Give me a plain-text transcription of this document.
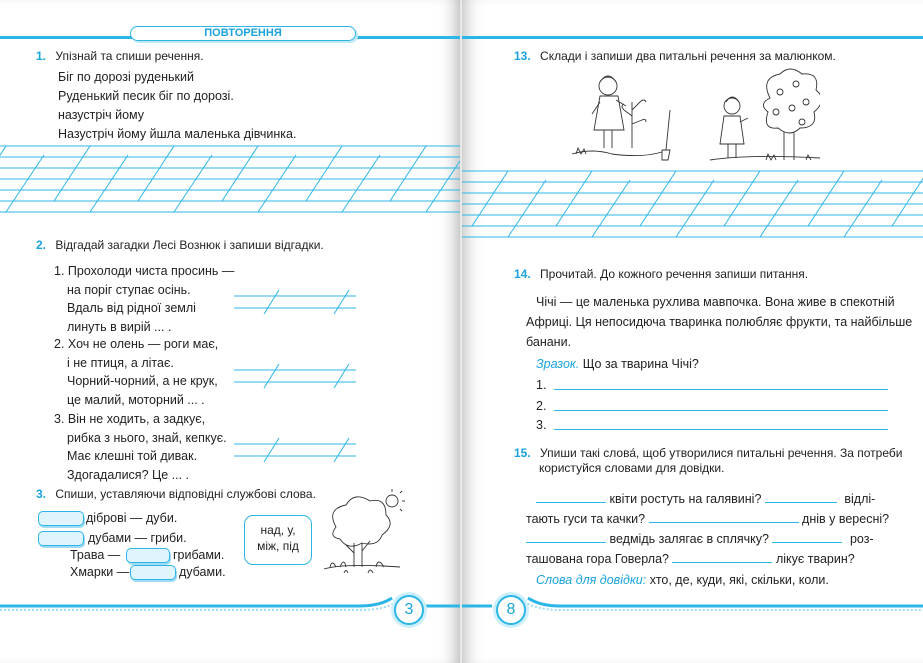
ПОВТОРЕННЯ
1. Упізнай та спиши речення.
Біг по дорозі руденький
Руденький песик біг по дорозі.
назустріч йому
Назустріч йому йшла маленька дівчинка.
2. Відгадай загадки Лесі Вознюк і запиши відгадки.
1. Прохолоди чиста просинь —
на поріг ступає осінь.
Вдаль від рідної землі
линуть в вирій ... .
2. Хоч не олень — роги має,
і не птиця, а літає.
Чорний-чорний, а не крук,
це малий, моторний ... .
3. Він не ходить, а задкує,
рибка з нього, знай, кепкує.
Має клешні той дивак.
Здогадалися? Це ... .
3. Спиши, уставляючи відповідні службові слова.
діброві — дуби.
дубами — гриби.
Трава —	грибами.
Хмарки —	дубами.
над, у,
між, під
3
13. Склади і запиши два питальні речення за малюнком.
14. Прочитай. До кожного речення запиши питання.
Чічі — це маленька рухлива мавпочка. Вона живе в спекотній
Африці. Ця непосидюча тваринка полюбляє фрукти, та найбільше
банани.
Зразок. Що за тварина Чічі?
1.
2.
3.
15. Упиши такі слова́, щоб утворилися питальні речення. За потреби
користуйся словами для довідки.
квіти ростуть на галявині?	відлі-
тають гуси та качки?	днів у вересні?
ведмідь залягає в сплячку?	роз-
ташована гора Говерла?	лікує тварин?
Слова для довідки: хто, де, куди, які, скільки, коли.
8
